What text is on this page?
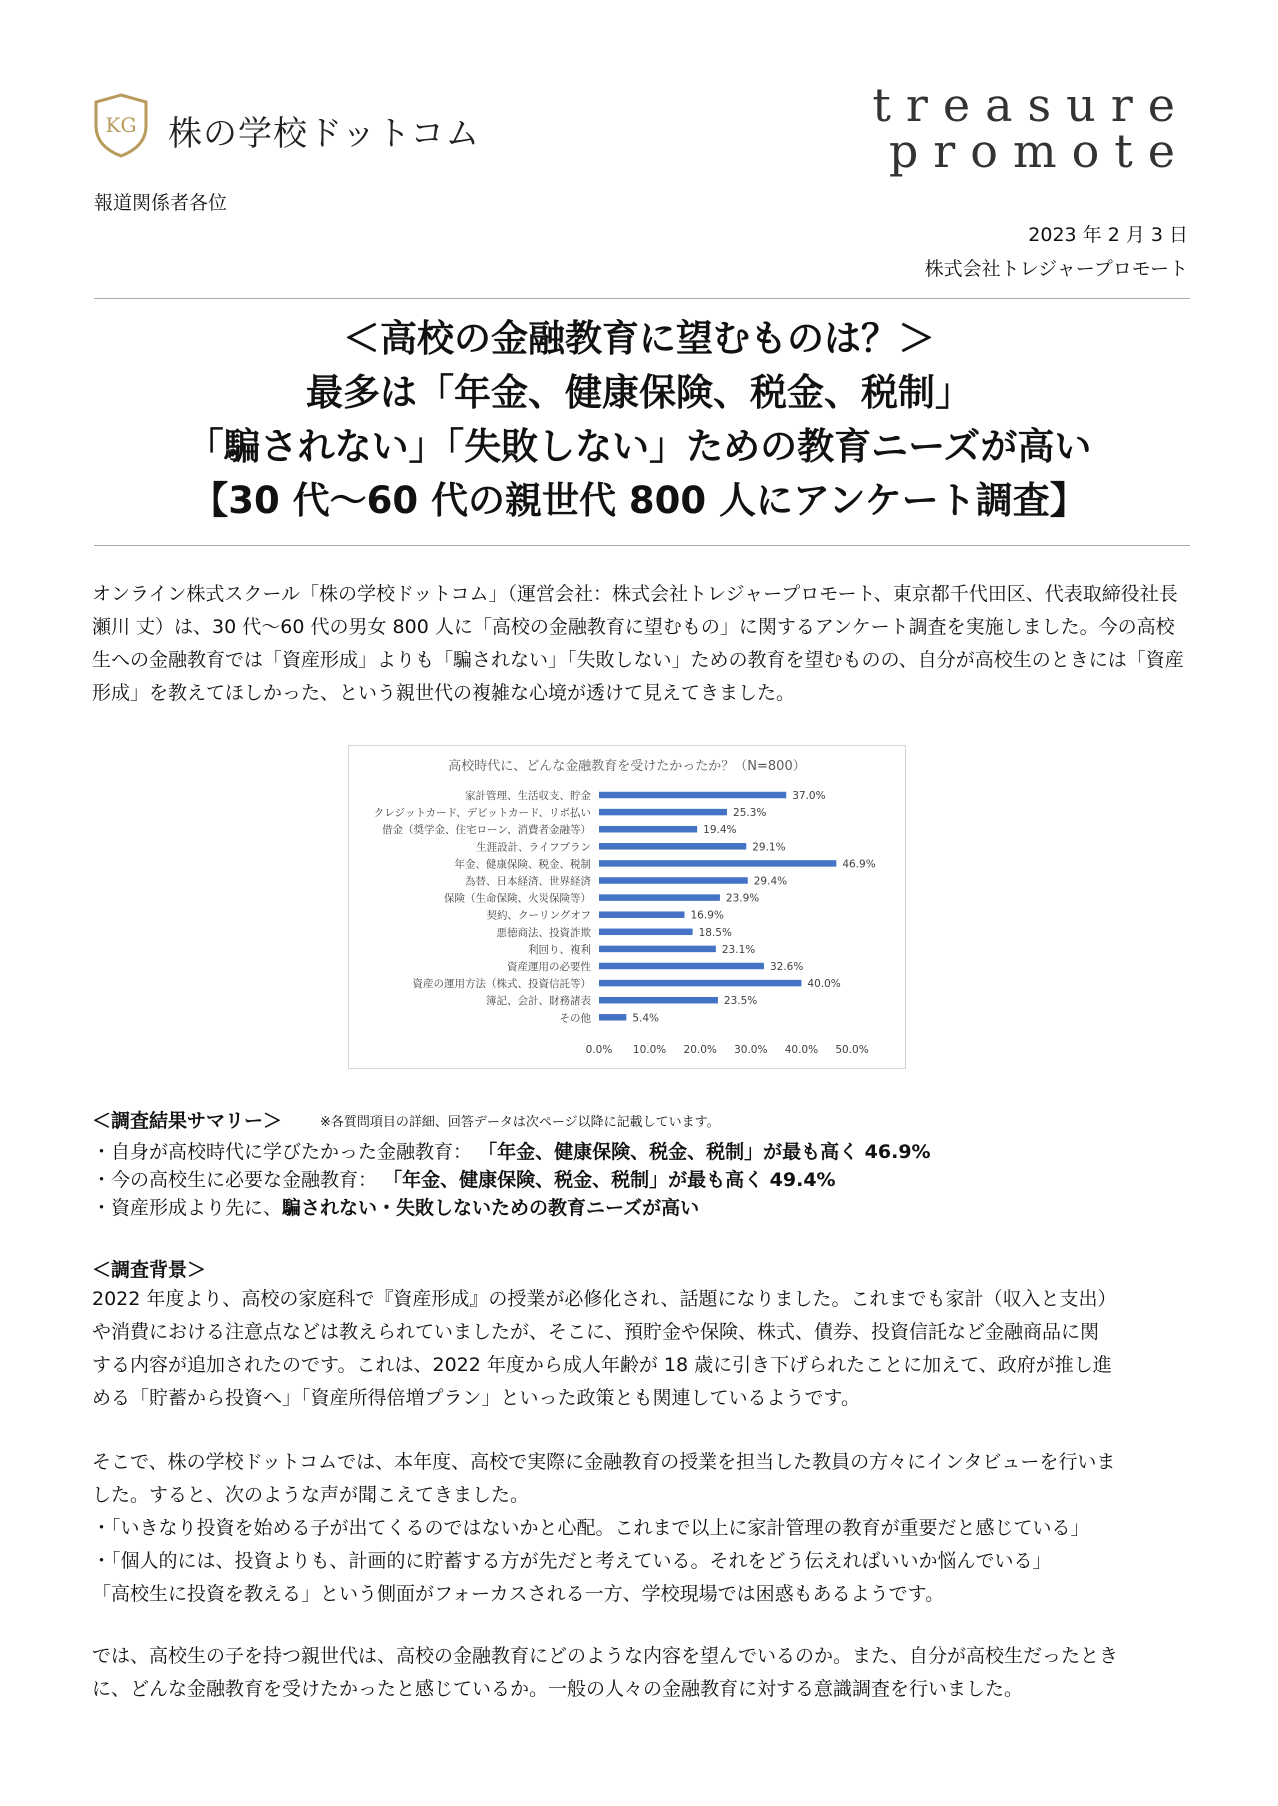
KG 株の学校ドットコム
treasure
promote
報道関係者各位
2023 年 2 月 3 日
株式会社トレジャープロモート
＜高校の金融教育に望むものは？＞
最多は「年金、健康保険、税金、税制」
「騙されない」「失敗しない」ための教育ニーズが高い
【30 代～60 代の親世代 800 人にアンケート調査】
オンライン株式スクール「株の学校ドットコム」（運営会社：株式会社トレジャープロモート、東京都千代田区、代表取締役社長 瀬川 丈）は、30 代～60 代の男女 800 人に「高校の金融教育に望むもの」に関するアンケート調査を実施しました。今の高校生への金融教育では「資産形成」よりも「騙されない」「失敗しない」ための教育を望むものの、自分が高校生のときには「資産形成」を教えてほしかった、という親世代の複雑な心境が透けて見えてきました。
高校時代に、どんな金融教育を受けたかったか？（N=800）
家計管理、生活収支、貯金	37.0%
クレジットカード、デビットカード、リボ払い	25.3%
借金（奨学金、住宅ローン、消費者金融等）	19.4%
生涯設計、ライフプラン	29.1%
年金、健康保険、税金、税制	46.9%
為替、日本経済、世界経済	29.4%
保険（生命保険、火災保険等）	23.9%
契約、クーリングオフ	16.9%
悪徳商法、投資詐欺	18.5%
利回り、複利	23.1%
資産運用の必要性	32.6%
資産の運用方法（株式、投資信託等）	40.0%
簿記、会計、財務諸表	23.5%
その他	5.4%
0.0% 10.0% 20.0% 30.0% 40.0% 50.0%
＜調査結果サマリー＞	※各質問項目の詳細、回答データは次ページ以降に記載しています。
・自身が高校時代に学びたかった金融教育： 「年金、健康保険、税金、税制」が最も高く 46.9%
・今の高校生に必要な金融教育： 「年金、健康保険、税金、税制」が最も高く 49.4%
・資産形成より先に、騙されない・失敗しないための教育ニーズが高い
＜調査背景＞
2022 年度より、高校の家庭科で『資産形成』の授業が必修化され、話題になりました。これまでも家計（収入と支出）
や消費における注意点などは教えられていましたが、そこに、預貯金や保険、株式、債券、投資信託など金融商品に関
する内容が追加されたのです。これは、2022 年度から成人年齢が 18 歳に引き下げられたことに加えて、政府が推し進
める「貯蓄から投資へ」「資産所得倍増プラン」といった政策とも関連しているようです。
そこで、株の学校ドットコムでは、本年度、高校で実際に金融教育の授業を担当した教員の方々にインタビューを行いま
した。すると、次のような声が聞こえてきました。
・「いきなり投資を始める子が出てくるのではないかと心配。これまで以上に家計管理の教育が重要だと感じている」
・「個人的には、投資よりも、計画的に貯蓄する方が先だと考えている。それをどう伝えればいいか悩んでいる」
「高校生に投資を教える」という側面がフォーカスされる一方、学校現場では困惑もあるようです。
では、高校生の子を持つ親世代は、高校の金融教育にどのような内容を望んでいるのか。また、自分が高校生だったとき
に、どんな金融教育を受けたかったと感じているか。一般の人々の金融教育に対する意識調査を行いました。
